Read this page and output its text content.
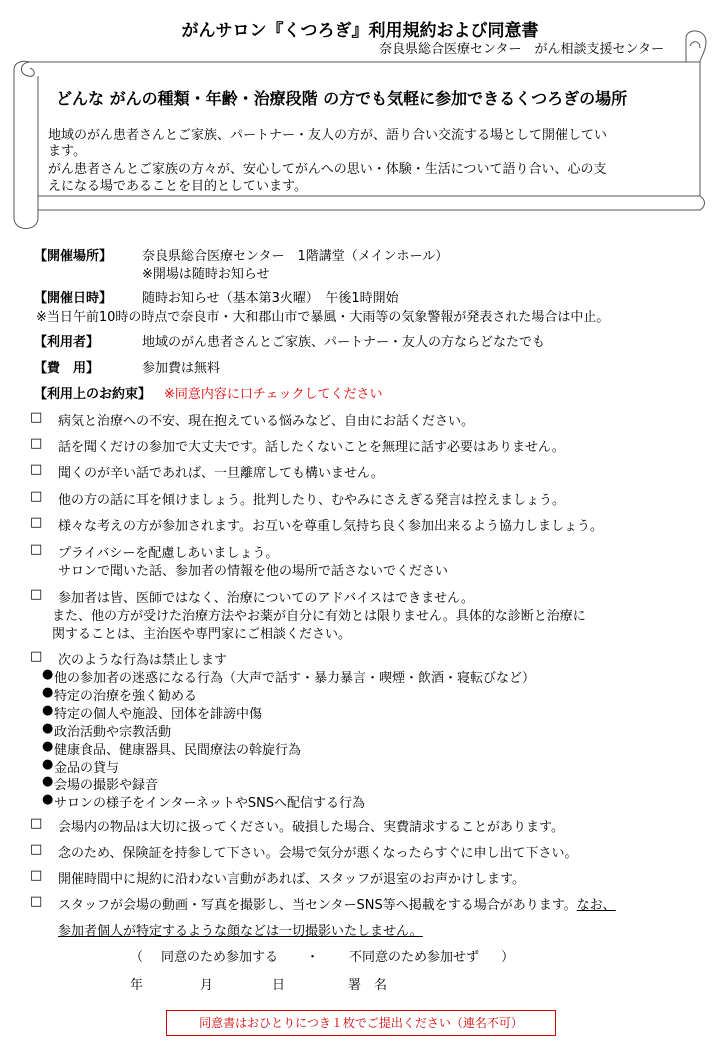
がんサロン『くつろぎ』利用規約および同意書
奈良県総合医療センター　がん相談支援センター
どんな がんの種類・年齢・治療段階 の方でも気軽に参加できるくつろぎの場所
地域のがん患者さんとご家族、パートナー・友人の方が、語り合い交流する場として開催してい
ます。
がん患者さんとご家族の方々が、安心してがんへの思い・体験・生活について語り合い、心の支
えになる場であることを目的としています。
【開催場所】 奈良県総合医療センター　1階講堂（メインホール）
※開場は随時お知らせ
【開催日時】 随時お知らせ（基本第3火曜）　午後1時開始
※当日午前10時の時点で奈良市・大和郡山市で暴風・大雨等の気象警報が発表された場合は中止。
【利用者】	地域のがん患者さんとご家族、パートナー・友人の方ならどなたでも
【費　用】	参加費は無料
【利用上のお約束】 ※同意内容に口チェックしてください
□ 病気と治療への不安、現在抱えている悩みなど、自由にお話ください。
□ 話を聞くだけの参加で大丈夫です。話したくないことを無理に話す必要はありません。
□ 聞くのが辛い話であれば、一旦離席しても構いません。
□ 他の方の話に耳を傾けましょう。批判したり、むやみにさえぎる発言は控えましょう。
□ 様々な考えの方が参加されます。お互いを尊重し気持ち良く参加出来るよう協力しましょう。
□ プライバシーを配慮しあいましょう。
サロンで聞いた話、参加者の情報を他の場所で話さないでください
□ 参加者は皆、医師ではなく、治療についてのアドバイスはできません。
また、他の方が受けた治療方法やお薬が自分に有効とは限りません。具体的な診断と治療に
関することは、主治医や専門家にご相談ください。
□ 次のような行為は禁止します
● 他の参加者の迷惑になる行為（大声で話す・暴力暴言・喫煙・飲酒・寝転びなど）
● 特定の治療を強く勧める
● 特定の個人や施設、団体を誹謗中傷
● 政治活動や宗教活動
● 健康食品、健康器具、民間療法の斡旋行為
● 金品の貸与
● 会場の撮影や録音
● サロンの様子をインターネットやSNSへ配信する行為
□ 会場内の物品は大切に扱ってください。破損した場合、実費請求することがあります。
□ 念のため、保険証を持参して下さい。会場で気分が悪くなったらすぐに申し出て下さい。
□ 開催時間中に規約に沿わない言動があれば、スタッフが退室のお声かけします。
□ スタッフが会場の動画・写真を撮影し、当センターSNS等へ掲載をする場合があります。なお、
参加者個人が特定するような顔などは一切撮影いたしません。
（ 同意のため参加する ・ 不同意のため参加せず ）
年	月	日	署　名
同意書はおひとりにつき１枚でご提出ください（連名不可）
